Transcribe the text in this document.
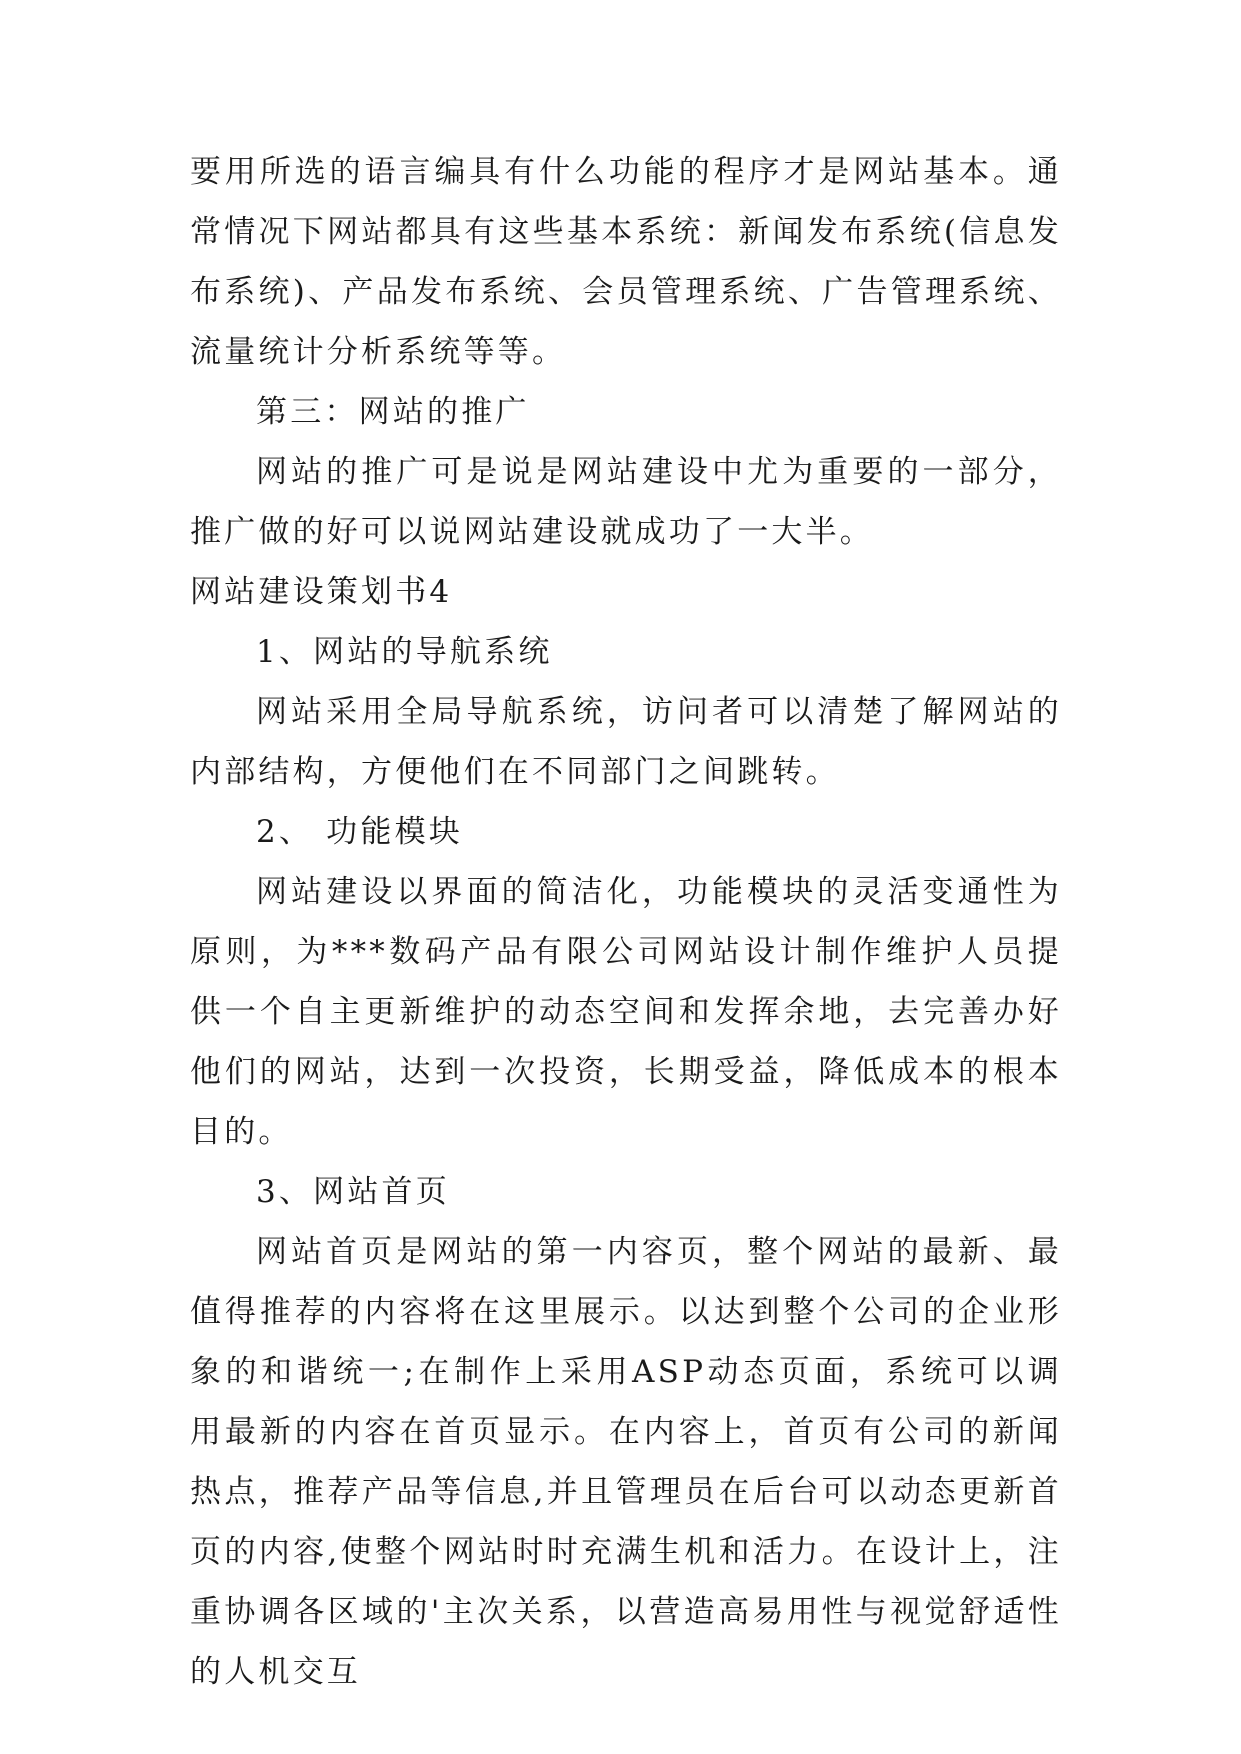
要用所选的语言编具有什么功能的程序才是网站基本。通常情况下网站都具有这些基本系统：新闻发布系统(信息发布系统)、产品发布系统、会员管理系统、广告管理系统、流量统计分析系统等等。

第三：网站的推广

网站的推广可是说是网站建设中尤为重要的一部分，推广做的好可以说网站建设就成功了一大半。

网站建设策划书4

1、网站的导航系统

网站采用全局导航系统，访问者可以清楚了解网站的内部结构，方便他们在不同部门之间跳转。

2、 功能模块

网站建设以界面的简洁化，功能模块的灵活变通性为原则，为***数码产品有限公司网站设计制作维护人员提供一个自主更新维护的动态空间和发挥余地，去完善办好他们的网站，达到一次投资，长期受益，降低成本的根本目的。

3、网站首页

网站首页是网站的第一内容页，整个网站的最新、最值得推荐的内容将在这里展示。以达到整个公司的企业形象的和谐统一;在制作上采用ASP动态页面，系统可以调用最新的内容在首页显示。在内容上，首页有公司的新闻热点，推荐产品等信息,并且管理员在后台可以动态更新首页的内容,使整个网站时时充满生机和活力。在设计上，注重协调各区域的'主次关系，以营造高易用性与视觉舒适性的人机交互
